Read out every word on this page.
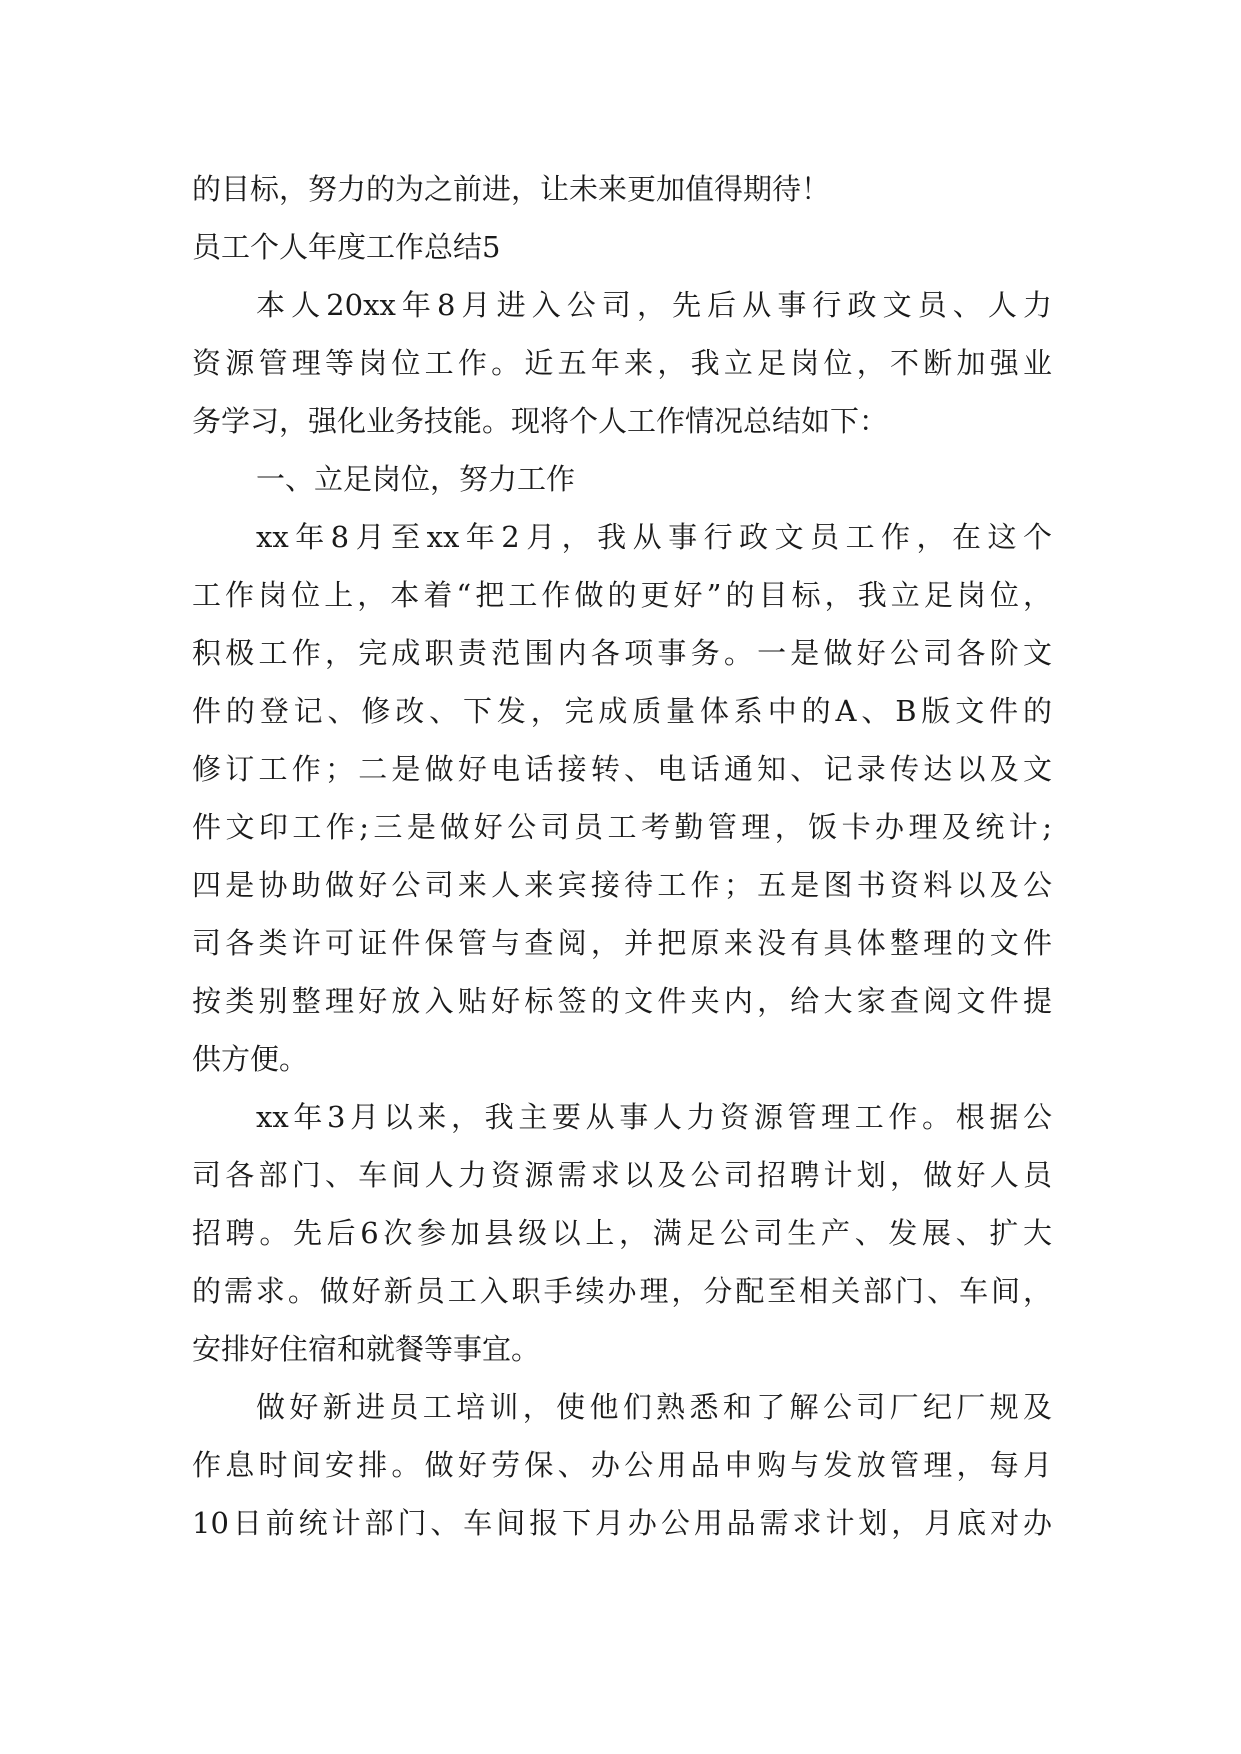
的目标，努力的为之前进，让未来更加值得期待！
员工个人年度工作总结5
本人20xx年8月进入公司，先后从事行政文员、人力
资源管理等岗位工作。近五年来，我立足岗位，不断加强业
务学习，强化业务技能。现将个人工作情况总结如下：
一、立足岗位，努力工作
xx年8月至xx年2月，我从事行政文员工作，在这个
工作岗位上，本着“把工作做的更好”的目标，我立足岗位，
积极工作，完成职责范围内各项事务。一是做好公司各阶文
件的登记、修改、下发，完成质量体系中的A、B版文件的
修订工作；二是做好电话接转、电话通知、记录传达以及文
件文印工作;三是做好公司员工考勤管理，饭卡办理及统计;
四是协助做好公司来人来宾接待工作；五是图书资料以及公
司各类许可证件保管与查阅，并把原来没有具体整理的文件
按类别整理好放入贴好标签的文件夹内，给大家查阅文件提
供方便。
xx年3月以来，我主要从事人力资源管理工作。根据公
司各部门、车间人力资源需求以及公司招聘计划，做好人员
招聘。先后6次参加县级以上，满足公司生产、发展、扩大
的需求。做好新员工入职手续办理，分配至相关部门、车间，
安排好住宿和就餐等事宜。
做好新进员工培训，使他们熟悉和了解公司厂纪厂规及
作息时间安排。做好劳保、办公用品申购与发放管理，每月
10日前统计部门、车间报下月办公用品需求计划，月底对办
